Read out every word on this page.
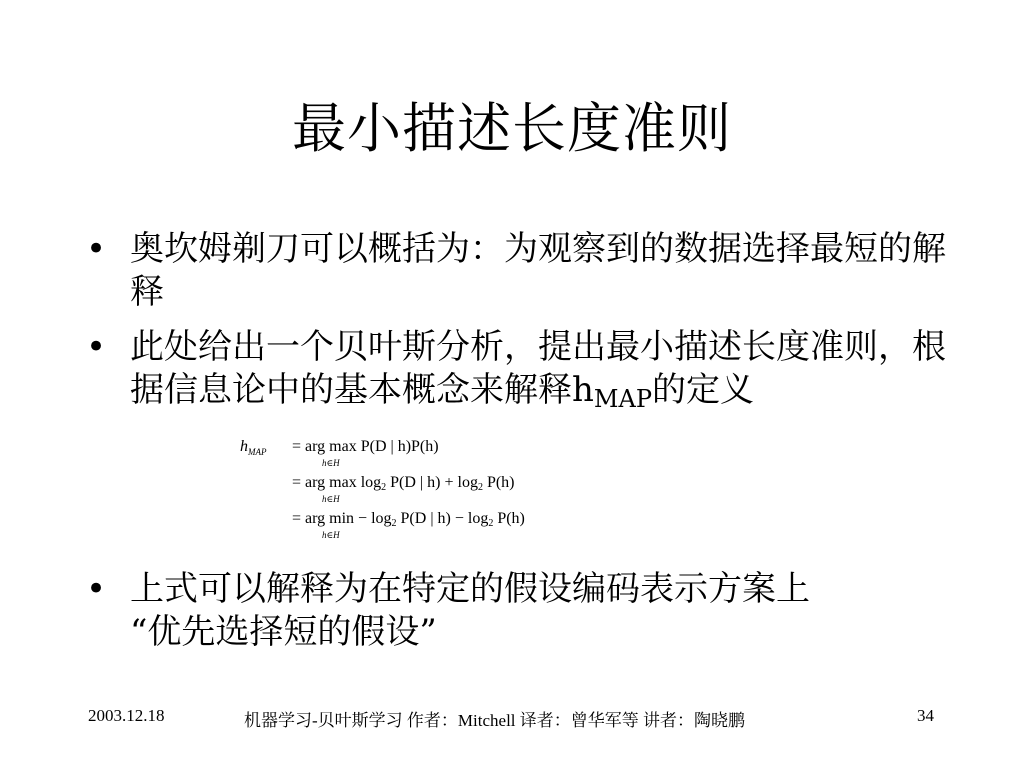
最小描述长度准则
• 奥坎姆剃刀可以概括为：为观察到的数据选择最短的解释
• 此处给出一个贝叶斯分析，提出最小描述长度准则，根据信息论中的基本概念来解释$h_{MAP}$的定义
$h_{MAP}$ = arg max P(D | h)P(h)
h∈H
= arg max log2 P(D | h) + log2 P(h)
h∈H
= arg min − log2 P(D | h) − log2 P(h)
h∈H
• 上式可以解释为在特定的假设编码表示方案上
“优先选择短的假设”
2003.12.18	机器学习-贝叶斯学习 作者：Mitchell 译者：曾华军等 讲者：陶晓鹏	34
